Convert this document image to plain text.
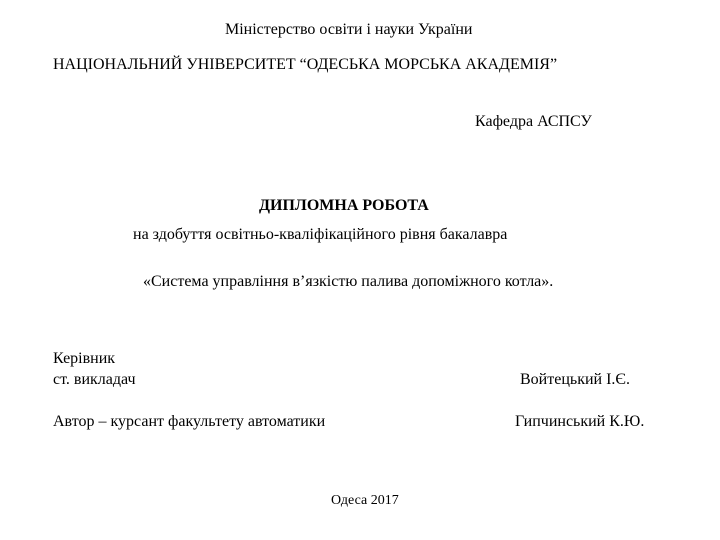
Міністерство освіти і науки України
НАЦІОНАЛЬНИЙ УНІВЕРСИТЕТ “ОДЕСЬКА МОРСЬКА АКАДЕМІЯ”
Кафедра АСПСУ
ДИПЛОМНА РОБОТА
на здобуття освітньо-кваліфікаційного рівня бакалавра
«Система управління в’язкістю палива допоміжного котла».
Керівник
ст. викладач	Войтецький І.Є.
Автор – курсант факультету автоматики	Гипчинський К.Ю.
Одеса 2017
